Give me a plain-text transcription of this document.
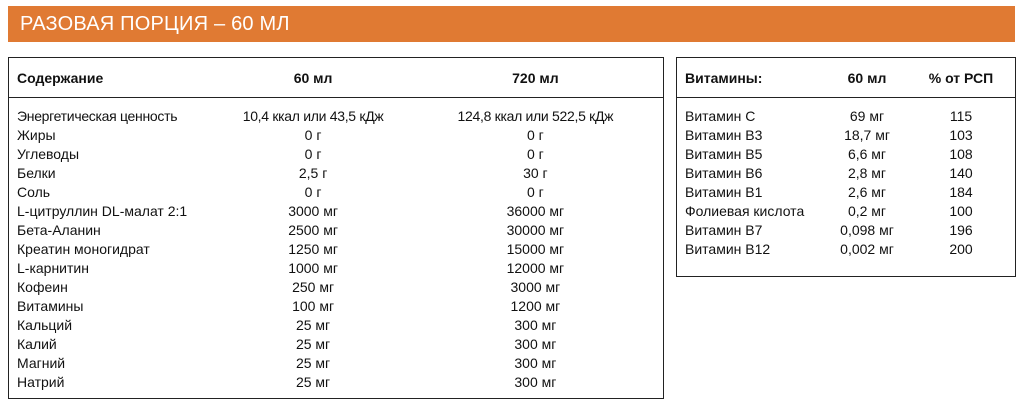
РАЗОВАЯ ПОРЦИЯ – 60 МЛ
Содержание	60 мл	720 мл
Энергетическая ценность	10,4 ккал или 43,5 кДж	124,8 ккал или 522,5 кДж
Жиры	0 г	0 г
Углеводы	0 г	0 г
Белки	2,5 г	30 г
Соль	0 г	0 г
L-цитруллин DL-малат 2:1	3000 мг	36000 мг
Бета-Аланин	2500 мг	30000 мг
Креатин моногидрат	1250 мг	15000 мг
L-карнитин	1000 мг	12000 мг
Кофеин	250 мг	3000 мг
Витамины	100 мг	1200 мг
Кальций	25 мг	300 мг
Калий	25 мг	300 мг
Магний	25 мг	300 мг
Натрий	25 мг	300 мг
Витамины:	60 мл	% от РСП
Витамин С	69 мг	115
Витамин В3	18,7 мг	103
Витамин В5	6,6 мг	108
Витамин В6	2,8 мг	140
Витамин В1	2,6 мг	184
Фолиевая кислота	0,2 мг	100
Витамин В7	0,098 мг	196
Витамин В12	0,002 мг	200
